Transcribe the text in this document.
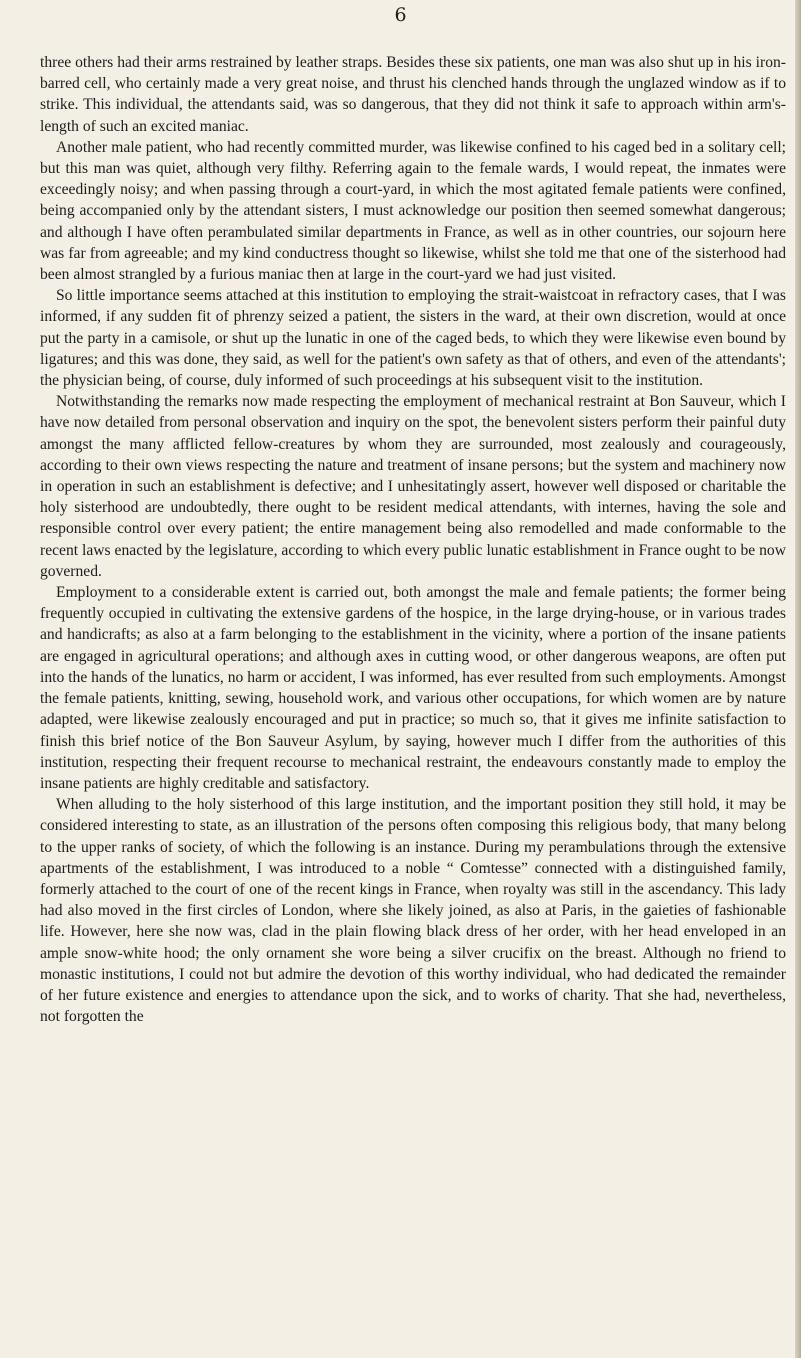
6

three others had their arms restrained by leather straps. Besides these six patients, one man was also shut up in his iron-barred cell, who certainly made a very great noise, and thrust his clenched hands through the unglazed window as if to strike. This individual, the attendants said, was so dangerous, that they did not think it safe to approach within arm's-length of such an excited maniac.

Another male patient, who had recently committed murder, was likewise confined to his caged bed in a solitary cell; but this man was quiet, although very filthy. Referring again to the female wards, I would repeat, the inmates were exceedingly noisy; and when passing through a court-yard, in which the most agitated female patients were confined, being accompanied only by the attendant sisters, I must acknowledge our position then seemed somewhat dangerous; and although I have often perambulated similar departments in France, as well as in other countries, our sojourn here was far from agreeable; and my kind conductress thought so likewise, whilst she told me that one of the sisterhood had been almost strangled by a furious maniac then at large in the court-yard we had just visited.

So little importance seems attached at this institution to employing the strait-waistcoat in refractory cases, that I was informed, if any sudden fit of phrenzy seized a patient, the sisters in the ward, at their own discretion, would at once put the party in a camisole, or shut up the lunatic in one of the caged beds, to which they were likewise even bound by ligatures; and this was done, they said, as well for the patient's own safety as that of others, and even of the attendants'; the physician being, of course, duly informed of such proceedings at his subsequent visit to the institution.

Notwithstanding the remarks now made respecting the employment of mechanical restraint at Bon Sauveur, which I have now detailed from personal observation and inquiry on the spot, the benevolent sisters perform their painful duty amongst the many afflicted fellow-creatures by whom they are surrounded, most zealously and courageously, according to their own views respecting the nature and treatment of insane persons; but the system and machinery now in operation in such an establishment is defective; and I unhesitatingly assert, however well disposed or charitable the holy sisterhood are undoubtedly, there ought to be resident medical attendants, with internes, having the sole and responsible control over every patient; the entire management being also remodelled and made conformable to the recent laws enacted by the legislature, according to which every public lunatic establishment in France ought to be now governed.

Employment to a considerable extent is carried out, both amongst the male and female patients; the former being frequently occupied in cultivating the extensive gardens of the hospice, in the large drying-house, or in various trades and handicrafts; as also at a farm belonging to the establishment in the vicinity, where a portion of the insane patients are engaged in agricultural operations; and although axes in cutting wood, or other dangerous weapons, are often put into the hands of the lunatics, no harm or accident, I was informed, has ever resulted from such employments. Amongst the female patients, knitting, sewing, household work, and various other occupations, for which women are by nature adapted, were likewise zealously encouraged and put in practice; so much so, that it gives me infinite satisfaction to finish this brief notice of the Bon Sauveur Asylum, by saying, however much I differ from the authorities of this institution, respecting their frequent recourse to mechanical restraint, the endeavours constantly made to employ the insane patients are highly creditable and satisfactory.

When alluding to the holy sisterhood of this large institution, and the important position they still hold, it may be considered interesting to state, as an illustration of the persons often composing this religious body, that many belong to the upper ranks of society, of which the following is an instance. During my perambulations through the extensive apartments of the establishment, I was introduced to a noble “ Comtesse” connected with a distinguished family, formerly attached to the court of one of the recent kings in France, when royalty was still in the ascendancy. This lady had also moved in the first circles of London, where she likely joined, as also at Paris, in the gaieties of fashionable life. However, here she now was, clad in the plain flowing black dress of her order, with her head enveloped in an ample snow-white hood; the only ornament she wore being a silver crucifix on the breast. Although no friend to monastic institutions, I could not but admire the devotion of this worthy individual, who had dedicated the remainder of her future existence and energies to attendance upon the sick, and to works of charity. That she had, nevertheless, not forgotten the
